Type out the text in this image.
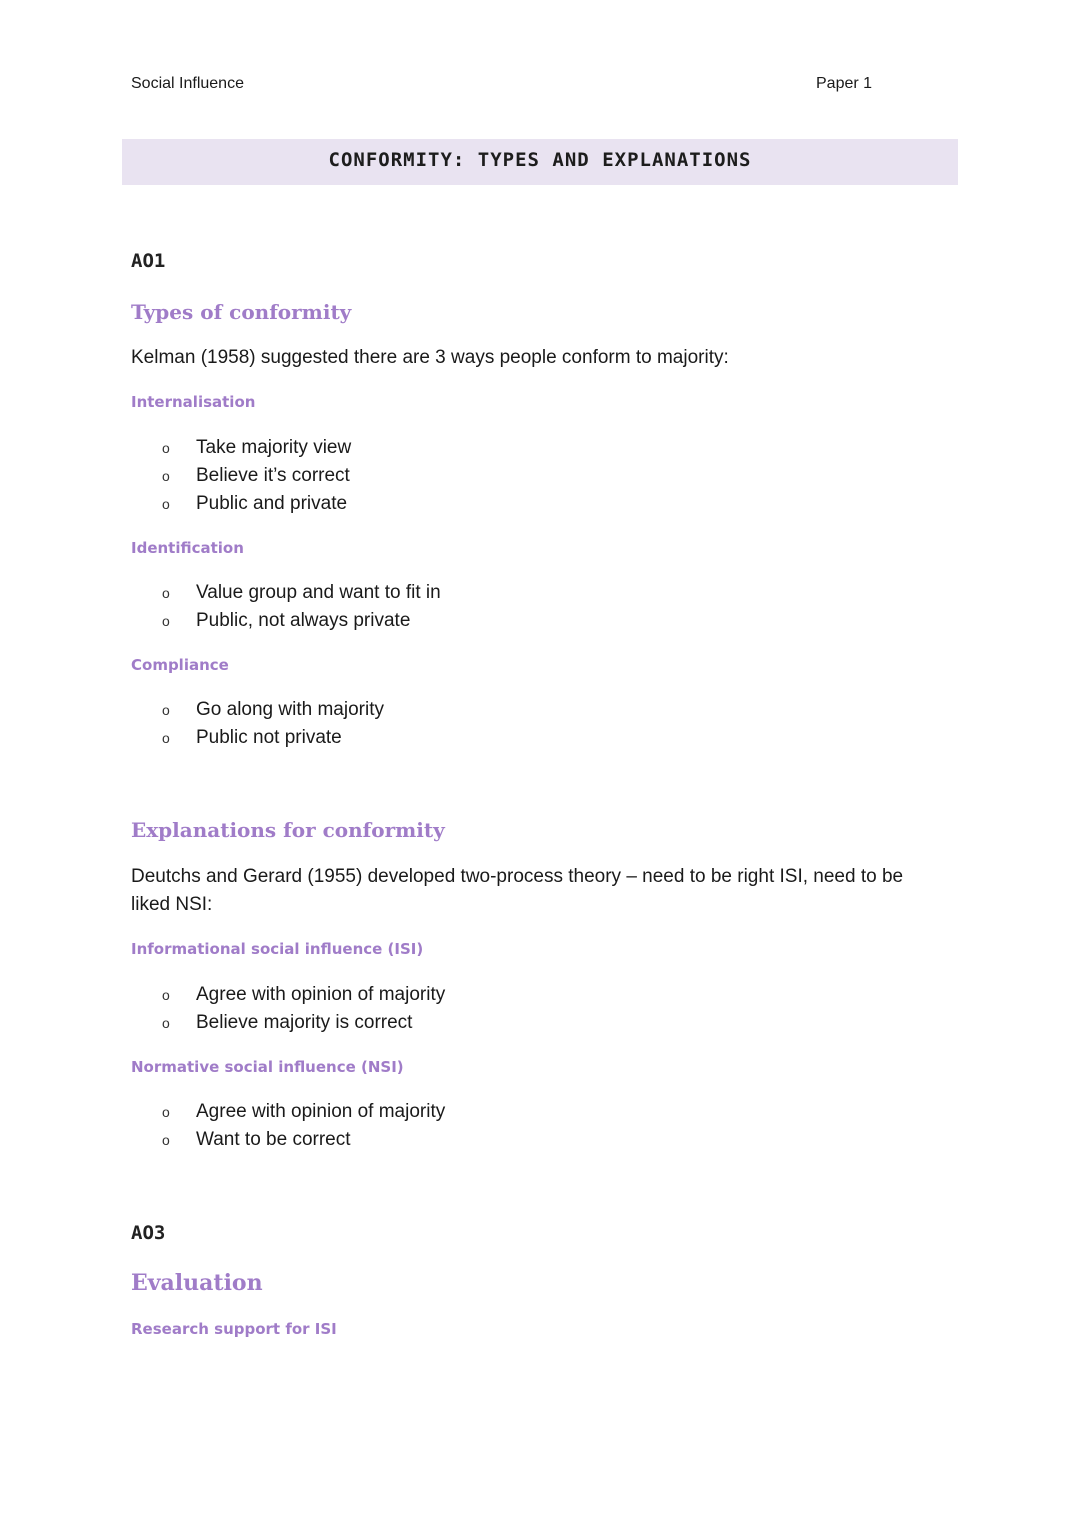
Social Influence	Paper 1
CONFORMITY: TYPES AND EXPLANATIONS
AO1
Types of conformity
Kelman (1958) suggested there are 3 ways people conform to majority:
Internalisation
o Take majority view
o Believe it’s correct
o Public and private
Identification
o Value group and want to fit in
o Public, not always private
Compliance
o Go along with majority
o Public not private
Explanations for conformity
Deutchs and Gerard (1955) developed two-process theory – need to be right ISI, need to be liked NSI:
Informational social influence (ISI)
o Agree with opinion of majority
o Believe majority is correct
Normative social influence (NSI)
o Agree with opinion of majority
o Want to be correct
AO3
Evaluation
Research support for ISI
